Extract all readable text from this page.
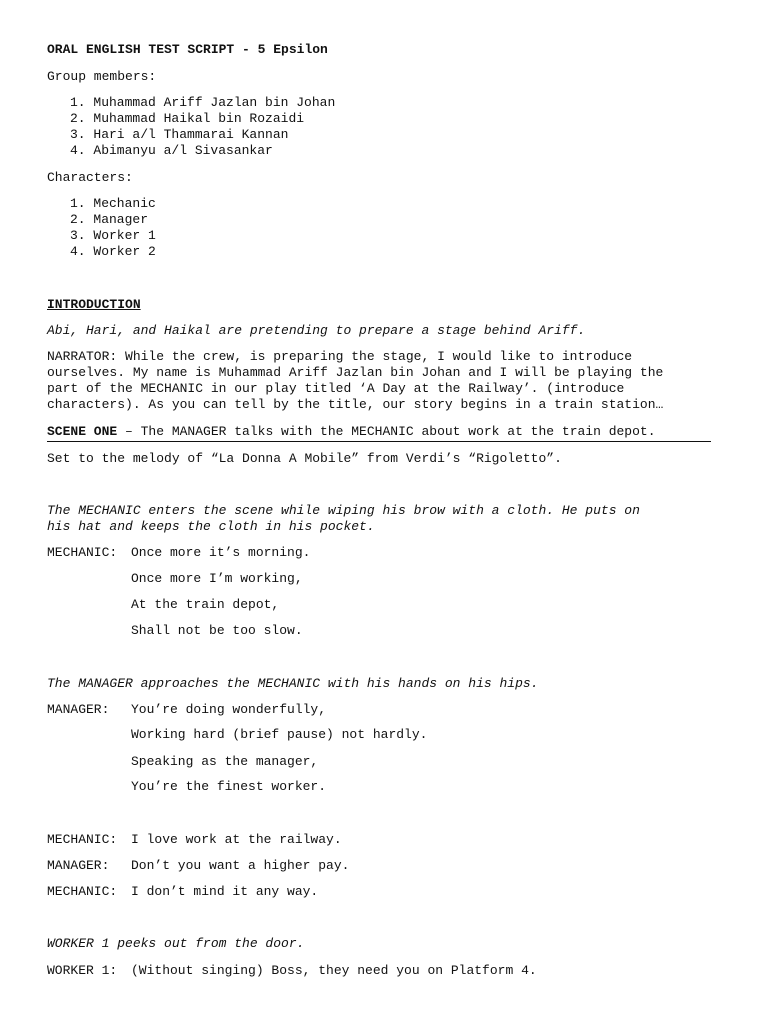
ORAL ENGLISH TEST SCRIPT - 5 Epsilon
Group members:
1. Muhammad Ariff Jazlan bin Johan
2. Muhammad Haikal bin Rozaidi
3. Hari a/l Thammarai Kannan
4. Abimanyu a/l Sivasankar
Characters:
1. Mechanic
2. Manager
3. Worker 1
4. Worker 2
INTRODUCTION
Abi, Hari, and Haikal are pretending to prepare a stage behind Ariff.
NARRATOR: While the crew, is preparing the stage, I would like to introduce
ourselves. My name is Muhammad Ariff Jazlan bin Johan and I will be playing the
part of the MECHANIC in our play titled ‘A Day at the Railway’. (introduce
characters). As you can tell by the title, our story begins in a train station…
SCENE ONE – The MANAGER talks with the MECHANIC about work at the train depot.
Set to the melody of “La Donna A Mobile” from Verdi’s “Rigoletto”.
The MECHANIC enters the scene while wiping his brow with a cloth. He puts on
his hat and keeps the cloth in his pocket.
MECHANIC: Once more it’s morning.
Once more I’m working,
At the train depot,
Shall not be too slow.
The MANAGER approaches the MECHANIC with his hands on his hips.
MANAGER: You’re doing wonderfully,
Working hard (brief pause) not hardly.
Speaking as the manager,
You’re the finest worker.
MECHANIC: I love work at the railway.
MANAGER: Don’t you want a higher pay.
MECHANIC: I don’t mind it any way.
WORKER 1 peeks out from the door.
WORKER 1: (Without singing) Boss, they need you on Platform 4.
